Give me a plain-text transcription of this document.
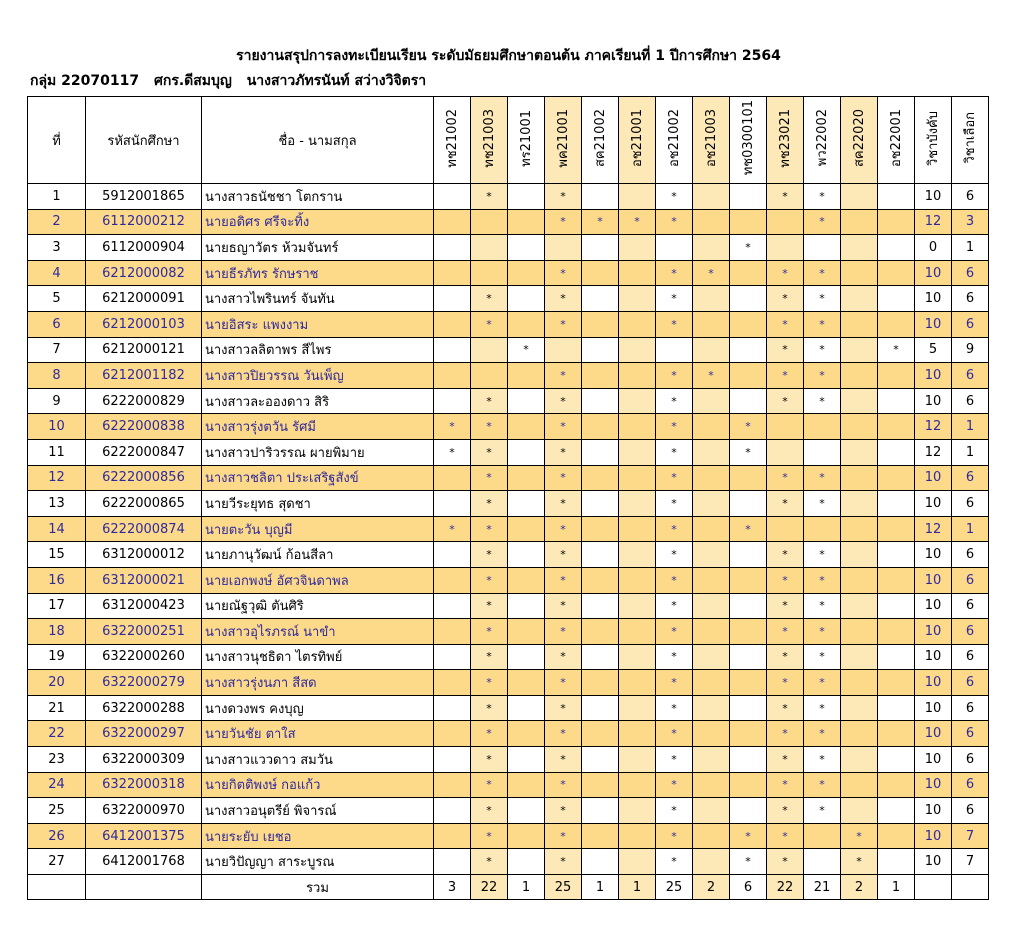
รายงานสรุปการลงทะเบียนเรียน ระดับมัธยมศึกษาตอนต้น ภาคเรียนที่ 1 ปีการศึกษา 2564
กลุ่ม 22070117 ศกร.ดีสมบุญ นางสาวภัทรนันท์ สว่างวิจิตรา
ที่	รหัสนักศึกษา	ชื่อ - นามสกุล	ทช21002	ทช21003	ทร21001	พค21001	สค21002	อช21001	อช21002	อช21003	ทช0300101	ทช23021	พว22002	สค22020	อช22001	วิชาบังคับ	วิชาเลือก
1	5912001865	นางสาวธนัชชา โตกราน		*		*			*			*	*			10	6
2	6112000212	นายอดิศร ศรีจะทิ้ง				*	*	*	*				*			12	3
3	6112000904	นายธญาวัตร ห้วมจันทร์									*					0	1
4	6212000082	นายธีรภัทร รักษราช				*			*	*		*	*			10	6
5	6212000091	นางสาวไพรินทร์ จันทัน		*		*			*			*	*			10	6
6	6212000103	นายอิสระ แพงงาม		*		*			*			*	*			10	6
7	6212000121	นางสาวลลิตาพร สีไพร			*							*	*		*	5	9
8	6212001182	นางสาวปิยวรรณ วันเพ็ญ				*			*	*		*	*			10	6
9	6222000829	นางสาวละอองดาว สิริ		*		*			*			*	*			10	6
10	6222000838	นางสาวรุ่งตวัน รัศมี	*	*		*			*		*					12	1
11	6222000847	นางสาวปาริวรรณ ผายพิมาย	*	*		*			*		*					12	1
12	6222000856	นางสาวชลิตา ประเสริฐสังข์		*		*			*			*	*			10	6
13	6222000865	นายวีระยุทธ สุดชา		*		*			*			*	*			10	6
14	6222000874	นายตะวัน บุญมี	*	*		*			*		*					12	1
15	6312000012	นายภานุวัฒน์ ก้อนสีลา		*		*			*			*	*			10	6
16	6312000021	นายเอกพงษ์ อัศวจินดาพล		*		*			*			*	*			10	6
17	6312000423	นายณัฐวุฒิ ตันศิริ		*		*			*			*	*			10	6
18	6322000251	นางสาวอุไรภรณ์ นาขำ		*		*			*			*	*			10	6
19	6322000260	นางสาวนุชธิดา ไตรทิพย์		*		*			*			*	*			10	6
20	6322000279	นางสาวรุ่งนภา สีสด		*		*			*			*	*			10	6
21	6322000288	นางดวงพร คงบุญ		*		*			*			*	*			10	6
22	6322000297	นายวันชัย ตาใส		*		*			*			*	*			10	6
23	6322000309	นางสาวแววดาว สมวัน		*		*			*			*	*			10	6
24	6322000318	นายกิตติพงษ์ กอแก้ว		*		*			*			*	*			10	6
25	6322000970	นางสาวอนุตรีย์ พิจารณ์		*		*			*			*	*			10	6
26	6412001375	นายระยับ เยชอ		*		*			*		*	*		*		10	7
27	6412001768	นายวิปัญญา สาระบูรณ		*		*			*		*	*		*		10	7
		รวม	3	22	1	25	1	1	25	2	6	22	21	2	1		
